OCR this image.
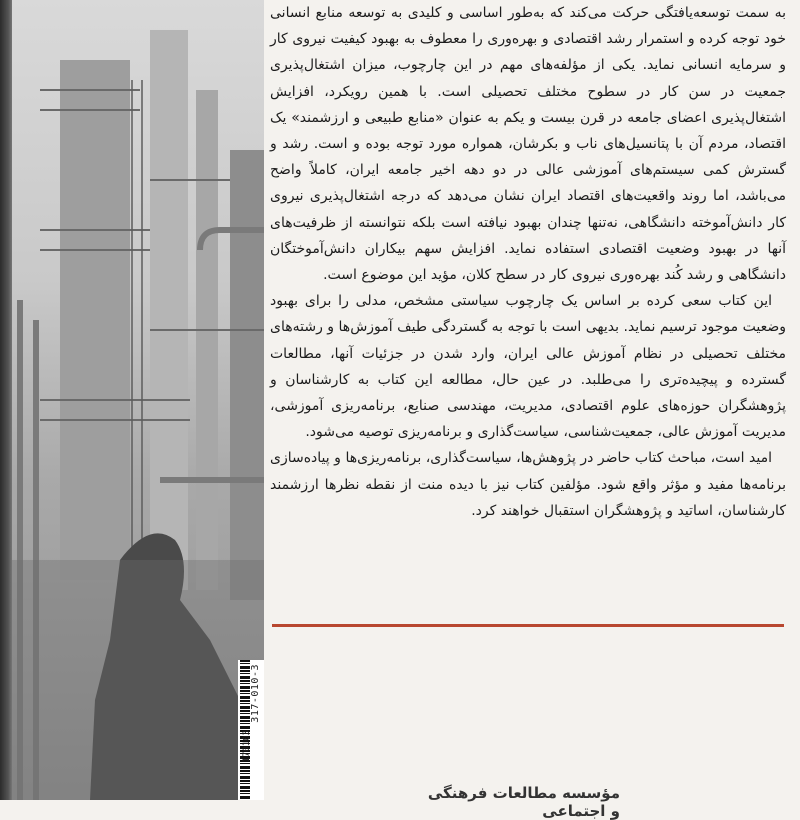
317-010-3
170103

به سمت توسعه‌یافتگی حرکت می‌کند که به‌طور اساسی و کلیدی به توسعه منابع انسانی خود توجه کرده و استمرار رشد اقتصادی و بهره‌وری را معطوف به بهبود کیفیت نیروی کار و سرمایه انسانی نماید. یکی از مؤلفه‌های مهم در این چارچوب، میزان اشتغال‌پذیری جمعیت در سن کار در سطوح مختلف تحصیلی است. با همین رویکرد، افزایش اشتغال‌پذیری اعضای جامعه در قرن بیست و یکم به عنوان «منابع طبیعی و ارزشمند» یک اقتصاد، مردم آن با پتانسیل‌های ناب و بکرشان، همواره مورد توجه بوده و است. رشد و گسترش کمی سیستم‌های آموزشی عالی در دو دهه اخیر جامعه ایران، کاملاً واضح می‌باشد، اما روند واقعیت‌های اقتصاد ایران نشان می‌دهد که درجه اشتغال‌پذیری نیروی کار دانش‌آموخته دانشگاهی، نه‌تنها چندان بهبود نیافته است بلکه نتوانسته از ظرفیت‌های آنها در بهبود وضعیت اقتصادی استفاده نماید. افزایش سهم بیکاران دانش‌آموختگان دانشگاهی و رشد کُند بهره‌وری نیروی کار در سطح کلان، مؤید این موضوع است.

این کتاب سعی کرده بر اساس یک چارچوب سیاستی مشخص، مدلی را برای بهبود وضعیت موجود ترسیم نماید. بدیهی است با توجه به گستردگی طیف آموزش‌ها و رشته‌های مختلف تحصیلی در نظام آموزش عالی ایران، وارد شدن در جزئیات آنها، مطالعات گسترده و پیچیده‌تری را می‌طلبد. در عین حال، مطالعه این کتاب به کارشناسان و پژوهشگران حوزه‌های علوم اقتصادی، مدیریت، مهندسی صنایع، برنامه‌ریزی آموزشی، مدیریت آموزش عالی، جمعیت‌شناسی، سیاست‌گذاری و برنامه‌ریزی توصیه می‌شود.

امید است، مباحث کتاب حاضر در پژوهش‌ها، سیاست‌گذاری، برنامه‌ریزی‌ها و پیاده‌سازی برنامه‌ها مفید و مؤثر واقع شود. مؤلفین کتاب نیز با دیده منت از نقطه نظرها ارزشمند کارشناسان، اساتید و پژوهشگران استقبال خواهند کرد.

مؤسسه مطالعات فرهنگی و اجتماعی
